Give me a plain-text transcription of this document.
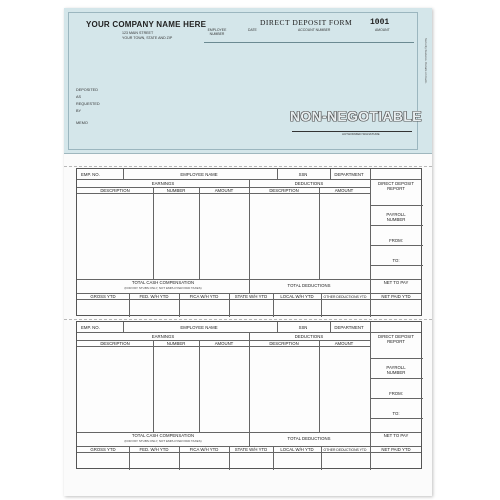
YOUR COMPANY NAME HERE
123 MAIN STREET
YOUR TOWN, STATE AND ZIP
DIRECT DEPOSIT FORM 1001
EMPLOYEE NUMBER
DATE	ACCOUNT NUMBER	AMOUNT
DEPOSITED
AS
REQUESTED
BY
MEMO	NON-NEGOTIABLE
AUTHORIZED SIGNATURE
Security features. Details on back.
EMP. NO.	EMPLOYEE NAME	SSN	DEPARTMENT
EARNINGS	DEDUCTIONS	DIRECT DEPOSIT REPORT
DESCRIPTION	NUMBER	AMOUNT	DESCRIPTION	AMOUNT
PAYROLL NUMBER
FROM:
TO:
NET TO PAY
TOTAL CASH COMPENSATION
(FOR PAY STUBS ONLY, NOT EMPLOYER PAID TAXES)	TOTAL DEDUCTIONS
GROSS YTD	FED. W/H YTD	FICA W/H YTD	STATE W/H YTD	LOCAL W/H YTD	OTHER DEDUCTIONS YTD	NET PAID YTD
EMP. NO.	EMPLOYEE NAME	SSN	DEPARTMENT
EARNINGS	DEDUCTIONS	DIRECT DEPOSIT REPORT
DESCRIPTION	NUMBER	AMOUNT	DESCRIPTION	AMOUNT
PAYROLL NUMBER
FROM:
TO:
NET TO PAY
TOTAL CASH COMPENSATION
(FOR PAY STUBS ONLY, NOT EMPLOYER PAID TAXES)	TOTAL DEDUCTIONS
GROSS YTD	FED. W/H YTD	FICA W/H YTD	STATE W/H YTD	LOCAL W/H YTD	OTHER DEDUCTIONS YTD	NET PAID YTD
